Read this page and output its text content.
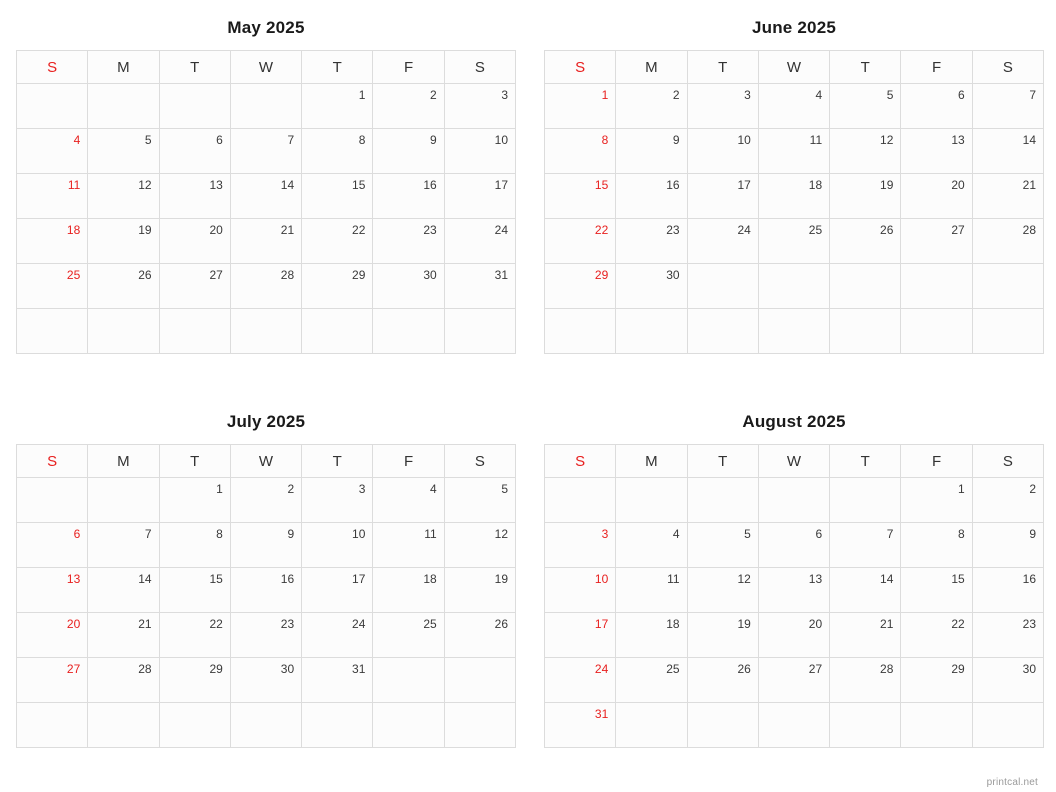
May 2025
S	M	T	W	T	F	S
				1	2	3
4	5	6	7	8	9	10
11	12	13	14	15	16	17
18	19	20	21	22	23	24
25	26	27	28	29	30	31

June 2025
S	M	T	W	T	F	S
1	2	3	4	5	6	7
8	9	10	11	12	13	14
15	16	17	18	19	20	21
22	23	24	25	26	27	28
29	30					

July 2025
S	M	T	W	T	F	S
		1	2	3	4	5
6	7	8	9	10	11	12
13	14	15	16	17	18	19
20	21	22	23	24	25	26
27	28	29	30	31		

August 2025
S	M	T	W	T	F	S
					1	2
3	4	5	6	7	8	9
10	11	12	13	14	15	16
17	18	19	20	21	22	23
24	25	26	27	28	29	30
31						
printcal.net
